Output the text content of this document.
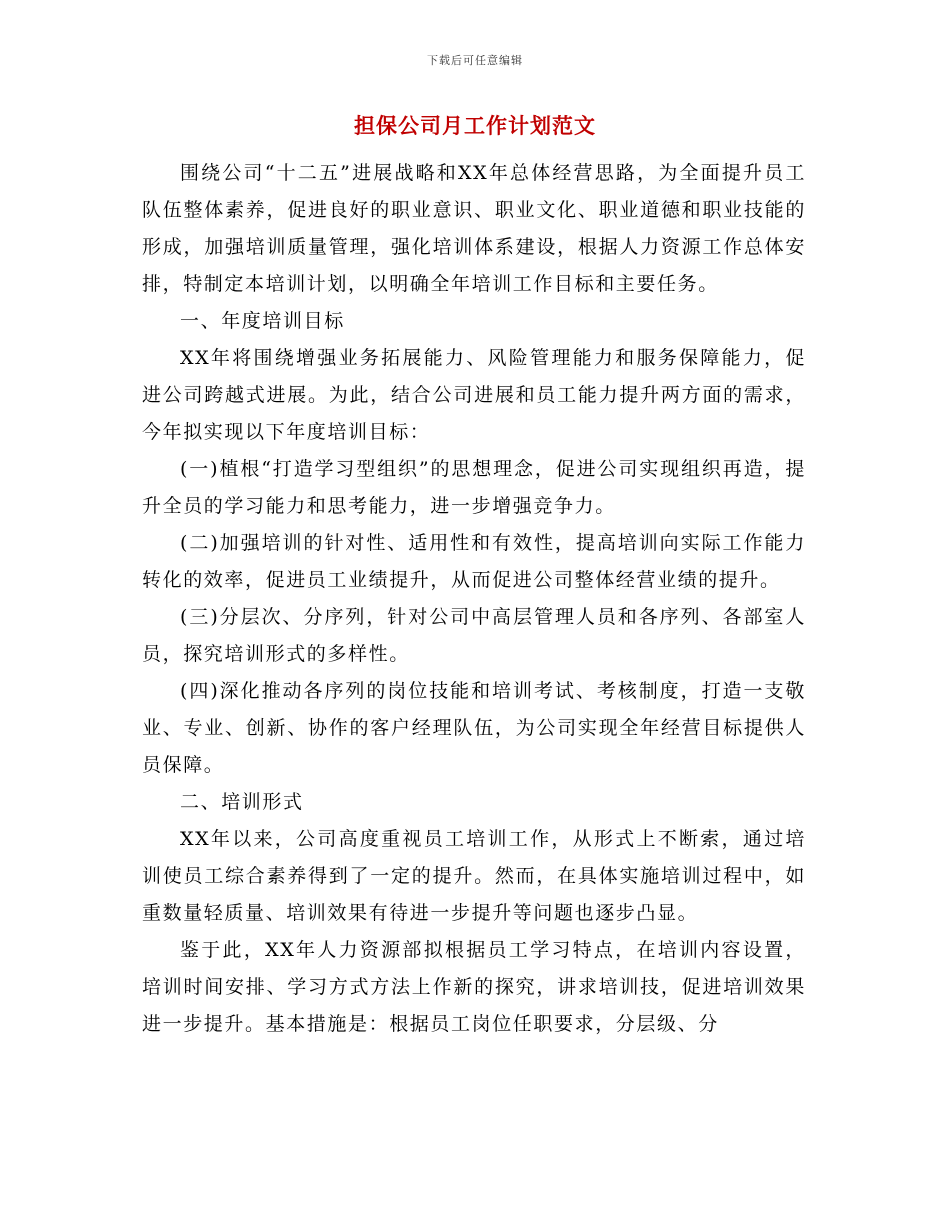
下载后可任意编辑
担保公司月工作计划范文

围绕公司“十二五”进展战略和XX年总体经营思路，为全面提升员工队伍整体素养，促进良好的职业意识、职业文化、职业道德和职业技能的形成，加强培训质量管理，强化培训体系建设，根据人力资源工作总体安排，特制定本培训计划，以明确全年培训工作目标和主要任务。

一、年度培训目标

XX年将围绕增强业务拓展能力、风险管理能力和服务保障能力，促进公司跨越式进展。为此，结合公司进展和员工能力提升两方面的需求，今年拟实现以下年度培训目标：

(一)植根“打造学习型组织”的思想理念，促进公司实现组织再造，提升全员的学习能力和思考能力，进一步增强竞争力。

(二)加强培训的针对性、适用性和有效性，提高培训向实际工作能力转化的效率，促进员工业绩提升，从而促进公司整体经营业绩的提升。

(三)分层次、分序列，针对公司中高层管理人员和各序列、各部室人员，探究培训形式的多样性。

(四)深化推动各序列的岗位技能和培训考试、考核制度，打造一支敬业、专业、创新、协作的客户经理队伍，为公司实现全年经营目标提供人员保障。

二、培训形式

XX年以来，公司高度重视员工培训工作，从形式上不断索，通过培训使员工综合素养得到了一定的提升。然而，在具体实施培训过程中，如重数量轻质量、培训效果有待进一步提升等问题也逐步凸显。

鉴于此，XX年人力资源部拟根据员工学习特点，在培训内容设置，培训时间安排、学习方式方法上作新的探究，讲求培训技，促进培训效果进一步提升。基本措施是：根据员工岗位任职要求，分层级、分
